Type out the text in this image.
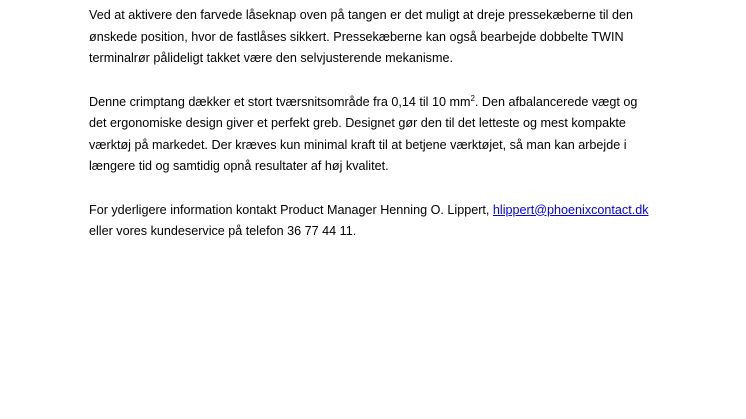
Ved at aktivere den farvede låseknap oven på tangen er det muligt at dreje pressekæberne til den
ønskede position, hvor de fastlåses sikkert. Pressekæberne kan også bearbejde dobbelte TWIN
terminalrør pålideligt takket være den selvjusterende mekanisme.

Denne crimptang dækker et stort tværsnitsområde fra 0,14 til 10 $mm^2$. Den afbalancerede vægt og
det ergonomiske design giver et perfekt greb. Designet gør den til det letteste og mest kompakte
værktøj på markedet. Der kræves kun minimal kraft til at betjene værktøjet, så man kan arbejde i
længere tid og samtidig opnå resultater af høj kvalitet.

For yderligere information kontakt Product Manager Henning O. Lippert, hlippert@phoenixcontact.dk
eller vores kundeservice på telefon 36 77 44 11.
